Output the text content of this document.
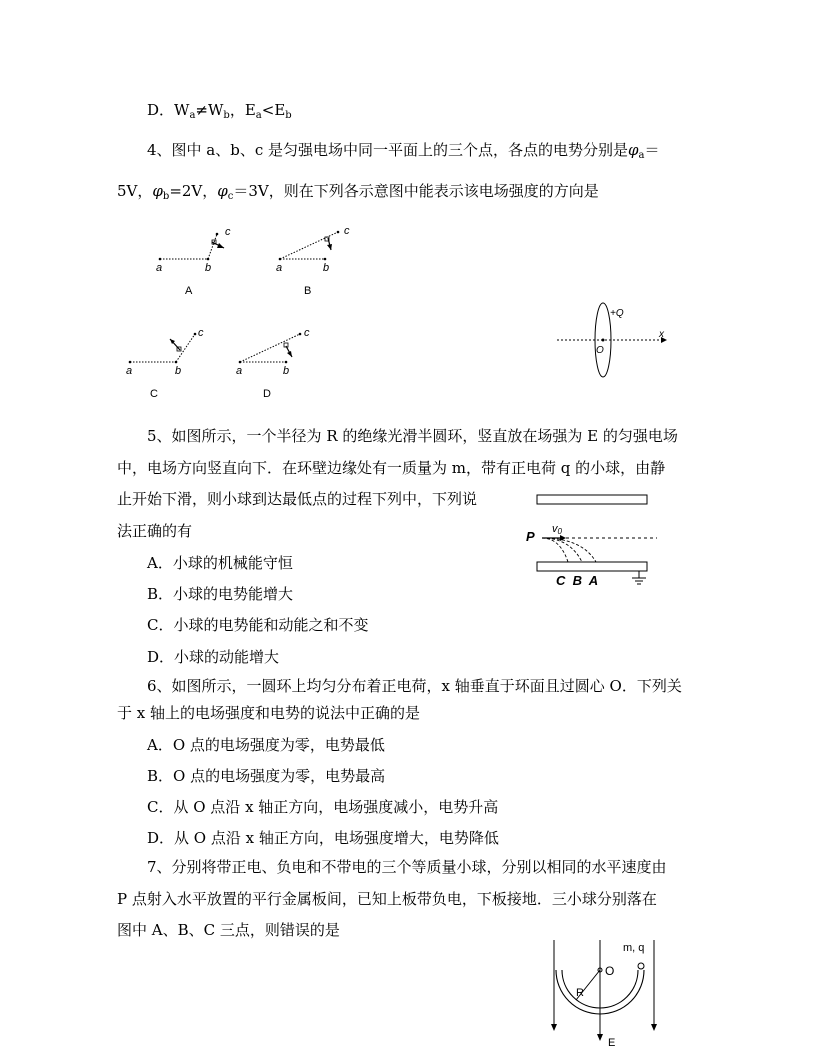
D．$W_a\ne W_b$，$E_a<E_b$
4、图中 a、b、c 是匀强电场中同一平面上的三个点，各点的电势分别是$\varphi_a=$
5V，$\varphi_b=2V$，$\varphi_c=3V$，则在下列各示意图中能表示该电场强度的方向是
a	b
c
A
a	b
c
B
a	b
c
C
a	b
c
D
+Q
O
x
P v0
C  B  A
5、如图所示，一个半径为 R 的绝缘光滑半圆环，竖直放在场强为 E 的匀强电场
中，电场方向竖直向下．在环壁边缘处有一质量为 m，带有正电荷 q 的小球，由静
止开始下滑，则小球到达最低点的过程下列中，下列说
法正确的有
A．小球的机械能守恒
B．小球的电势能增大
C．小球的电势能和动能之和不变
D．小球的动能增大
6、如图所示，一圆环上均匀分布着正电荷，x 轴垂直于环面且过圆心 O．下列关
于 x 轴上的电场强度和电势的说法中正确的是
A．O 点的电场强度为零，电势最低
B．O 点的电场强度为零，电势最高
C．从 O 点沿 x 轴正方向，电场强度减小，电势升高
D．从 O 点沿 x 轴正方向，电场强度增大，电势降低
7、分别将带正电、负电和不带电的三个等质量小球，分别以相同的水平速度由
P 点射入水平放置的平行金属板间，已知上板带负电，下板接地．三小球分别落在
图中 A、B、C 三点，则错误的是
m, q
O
R
E
